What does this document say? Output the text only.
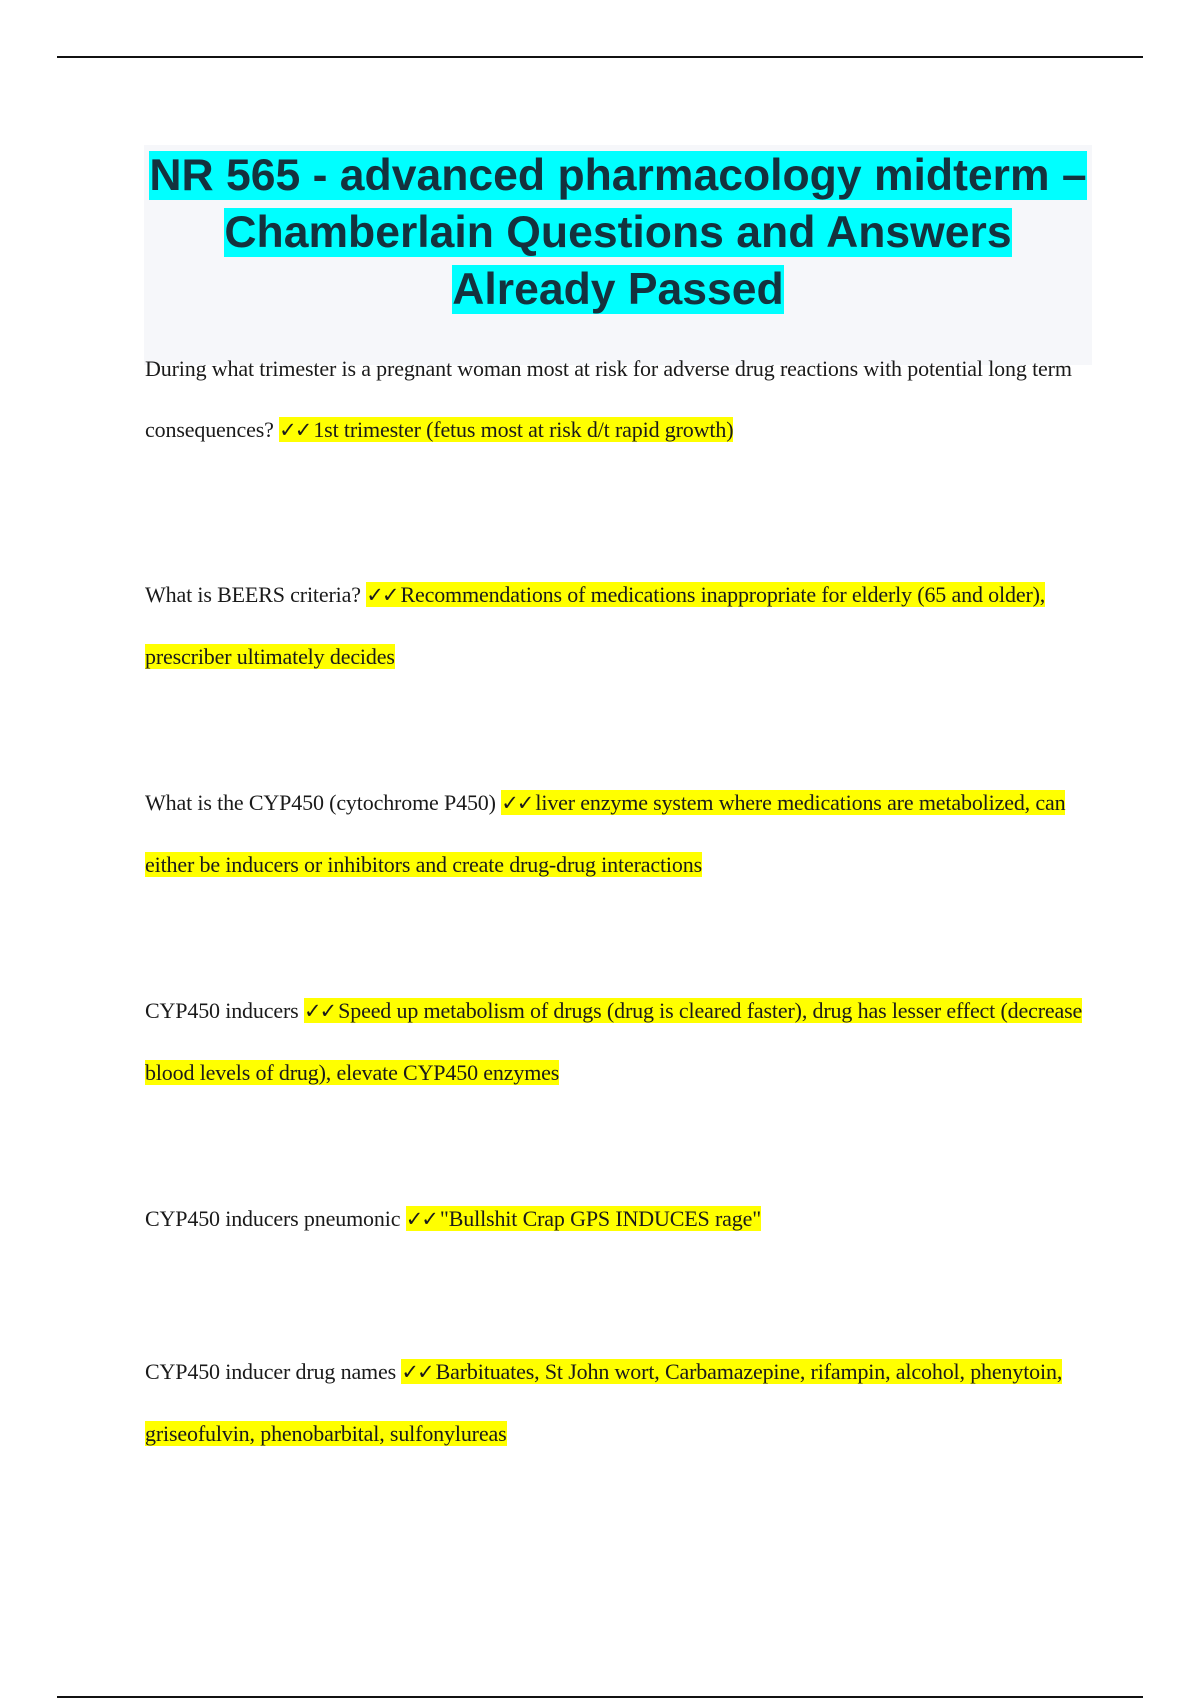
NR 565 - advanced pharmacology midterm – Chamberlain Questions and Answers Already Passed

During what trimester is a pregnant woman most at risk for adverse drug reactions with potential long term consequences? ✓✓ 1st trimester (fetus most at risk d/t rapid growth)

What is BEERS criteria? ✓✓ Recommendations of medications inappropriate for elderly (65 and older), prescriber ultimately decides

What is the CYP450 (cytochrome P450) ✓✓ liver enzyme system where medications are metabolized, can either be inducers or inhibitors and create drug-drug interactions

CYP450 inducers ✓✓ Speed up metabolism of drugs (drug is cleared faster), drug has lesser effect (decrease blood levels of drug), elevate CYP450 enzymes

CYP450 inducers pneumonic ✓✓ "Bullshit Crap GPS INDUCES rage"

CYP450 inducer drug names ✓✓ Barbituates, St John wort, Carbamazepine, rifampin, alcohol, phenytoin, griseofulvin, phenobarbital, sulfonylureas
